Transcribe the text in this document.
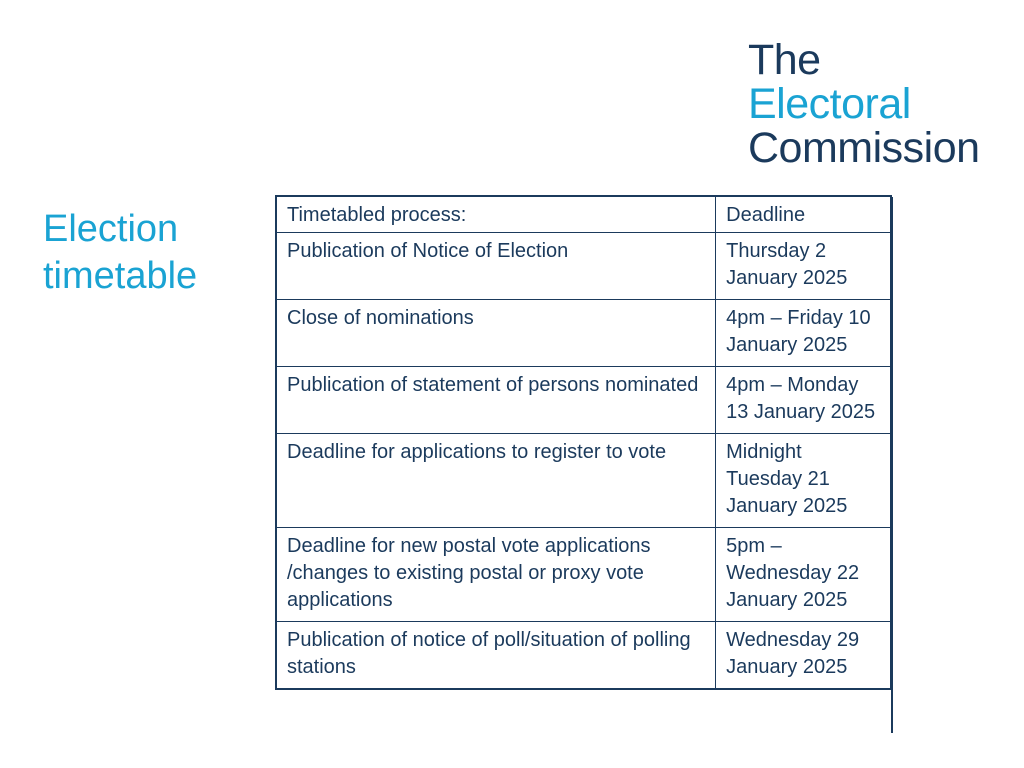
The
Electoral
Commission
Election timetable
Timetabled process:	Deadline
Publication of Notice of Election	Thursday 2 January 2025
Close of nominations	4pm – Friday 10 January 2025
Publication of statement of persons nominated	4pm – Monday 13 January 2025
Deadline for applications to register to vote	Midnight Tuesday 21 January 2025
Deadline for new postal vote applications /changes to existing postal or proxy vote applications	5pm – Wednesday 22 January 2025
Publication of notice of poll/situation of polling stations	Wednesday 29 January 2025
